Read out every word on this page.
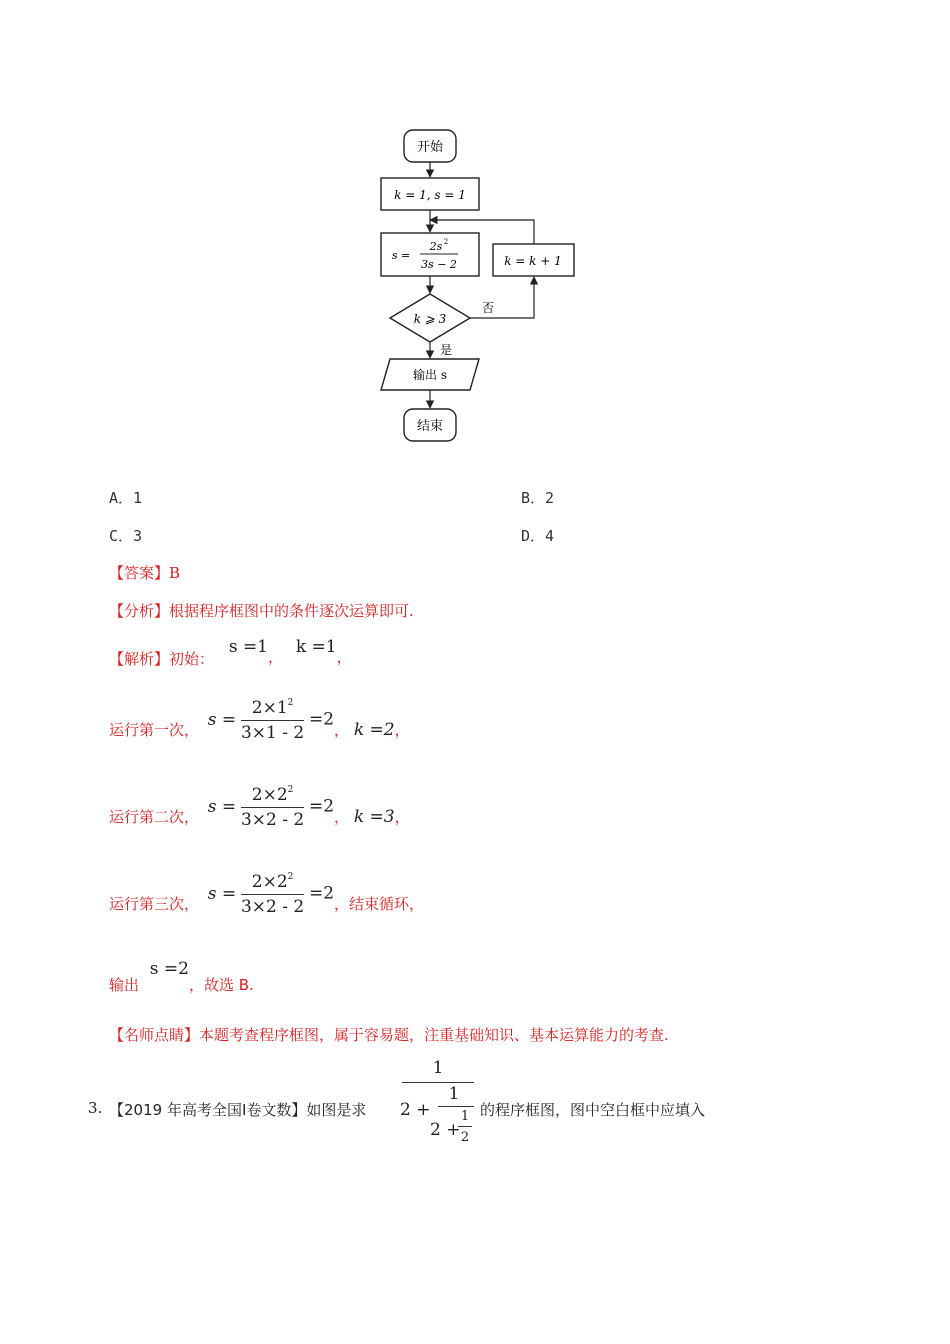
开始
k = 1, s = 1
s =
2s 2
3s − 2
k ⩾ 3
否
k = k + 1
是
输出 s
结束
A．1	B．2
C．3	D．4
【答案】B
【分析】根据程序框图中的条件逐次运算即可.
【解析】初始： s =1， k =1，
运行第一次， $s = \frac{2\times 1^2}{3\times 1 - 2} =2$， k =2，
运行第二次， $s = \frac{2\times 2^2}{3\times 2 - 2} =2$， k =3，
运行第三次， $s = \frac{2\times 2^2}{3\times 2 - 2} =2$，结束循环，
输出 s =2，故选 B.
【名师点睛】本题考查程序框图，属于容易题，注重基础知识、基本运算能力的考查.
3. 【2019 年高考全国Ⅰ卷文数】如图是求
1
2 +
1
2 +
1
2
的程序框图，图中空白框中应填入
